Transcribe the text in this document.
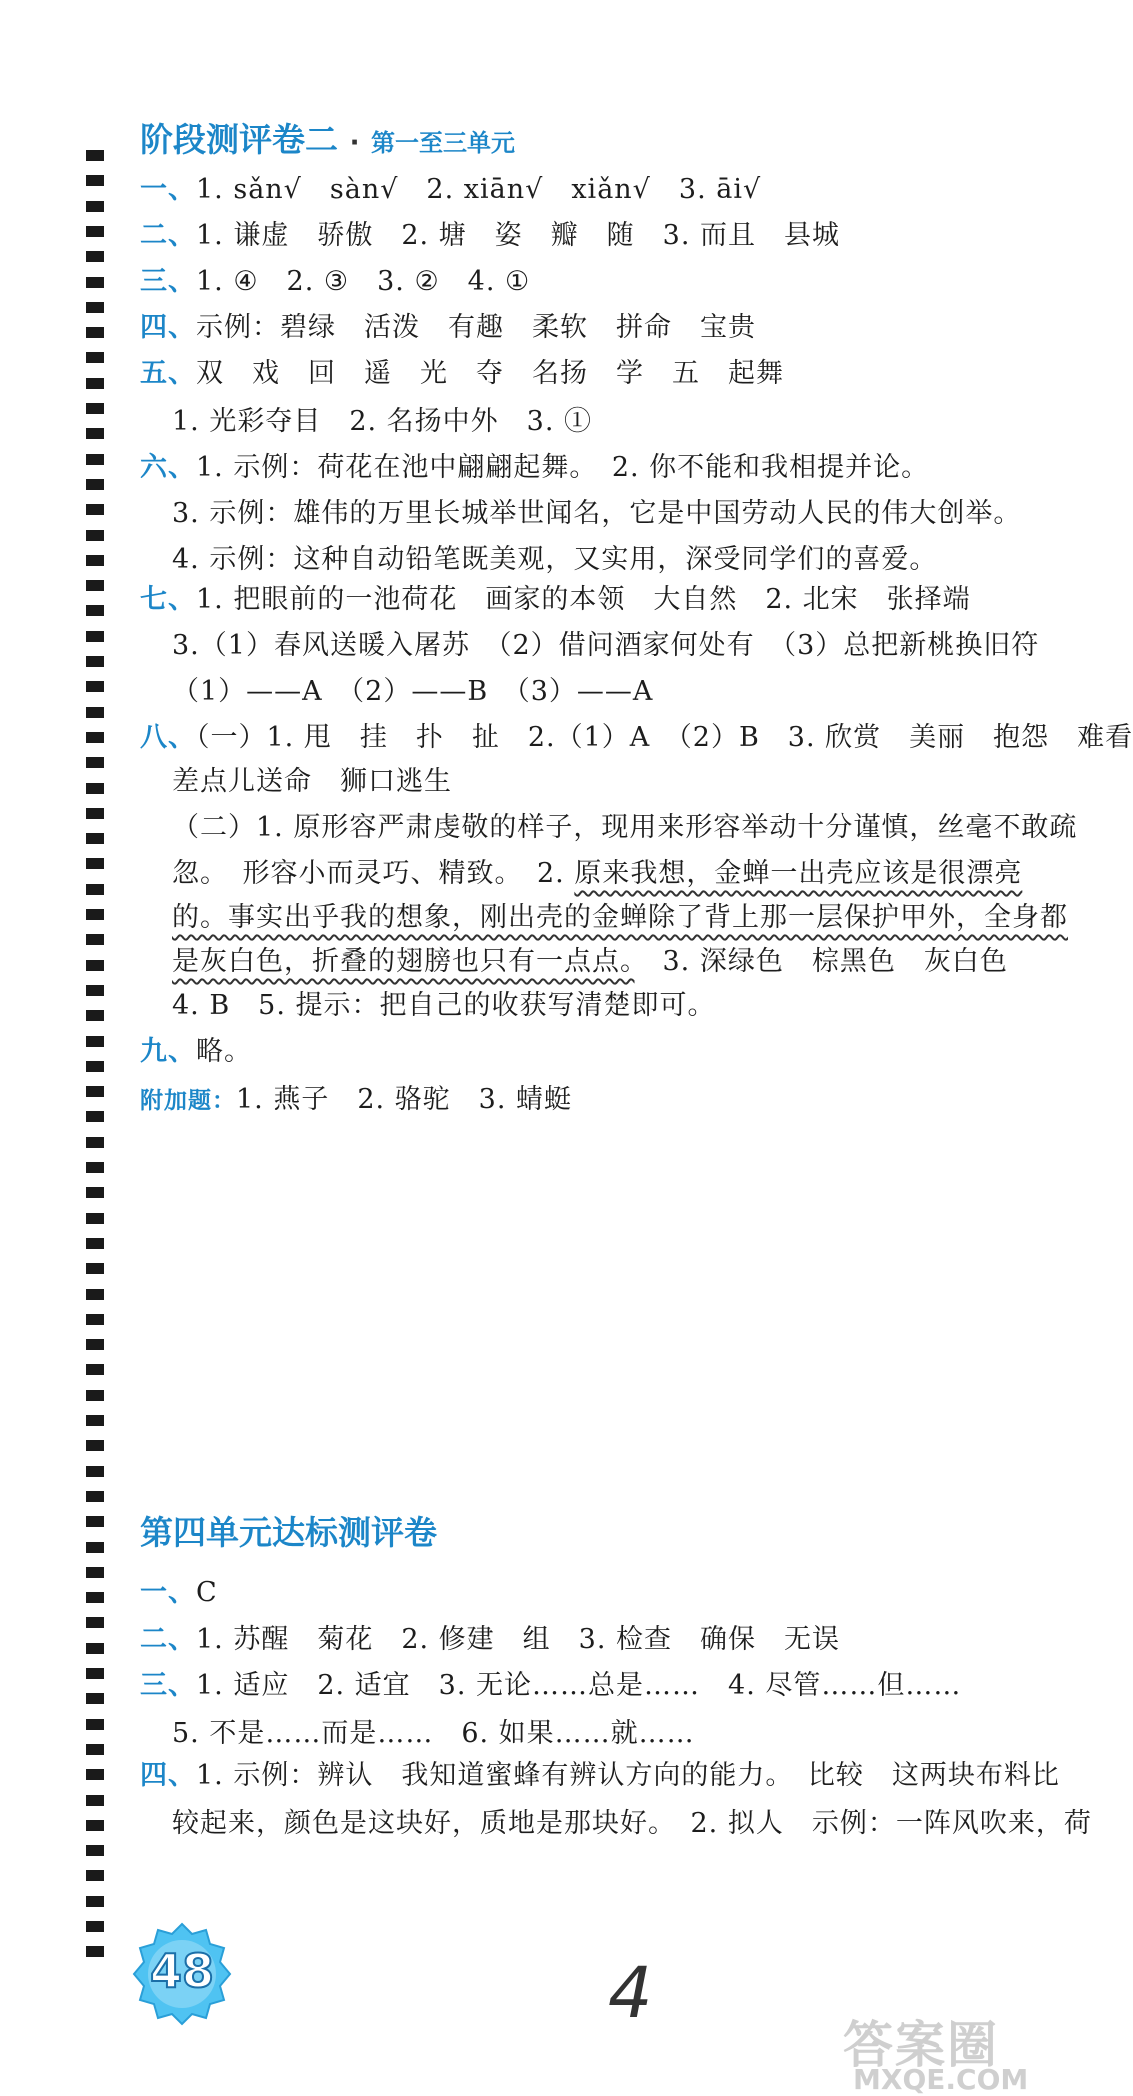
阶段测评卷二 · 第一至三单元
一、1. sǎn√　sàn√　2. xiān√　xiǎn√　3. āi√
二、1. 谦虚　骄傲　2. 塘　姿　瓣　随　3. 而且　县城
三、1. ④　2. ③　3. ②　4. ①
四、示例：碧绿　活泼　有趣　柔软　拼命　宝贵
五、双　戏　回　遥　光　夺　名扬　学　五　起舞
1. 光彩夺目　2. 名扬中外　3. ①
六、1. 示例：荷花在池中翩翩起舞。　2. 你不能和我相提并论。
3. 示例：雄伟的万里长城举世闻名，它是中国劳动人民的伟大创举。
4. 示例：这种自动铅笔既美观，又实用，深受同学们的喜爱。
七、1. 把眼前的一池荷花　画家的本领　大自然　2. 北宋　张择端
3.（1）春风送暖入屠苏　（2）借问酒家何处有　（3）总把新桃换旧符
（1）——A　（2）——B　（3）——A
八、（一）1. 甩　挂　扑　扯　2.（1）A　（2）B　3. 欣赏　美丽　抱怨　难看
差点儿送命　狮口逃生
（二）1. 原形容严肃虔敬的样子，现用来形容举动十分谨慎，丝毫不敢疏
忽。　形容小而灵巧、精致。　2. 原来我想，金蝉一出壳应该是很漂亮
的。事实出乎我的想象，刚出壳的金蝉除了背上那一层保护甲外，全身都
是灰白色，折叠的翅膀也只有一点点。　3. 深绿色　棕黑色　灰白色
4. B　5. 提示：把自己的收获写清楚即可。
九、略。
附加题：1. 燕子　2. 骆驼　3. 蜻蜓
第四单元达标测评卷
一、C
二、1. 苏醒　菊花　2. 修建　组　3. 检查　确保　无误
三、1. 适应　2. 适宜　3. 无论……总是……　4. 尽管……但……
5. 不是……而是……　6. 如果……就……
四、1. 示例：辨认　我知道蜜蜂有辨认方向的能力。　比较　这两块布料比
较起来，颜色是这块好，质地是那块好。　2. 拟人　示例：一阵风吹来，荷
48	4
答案圈
MXQE.COM
